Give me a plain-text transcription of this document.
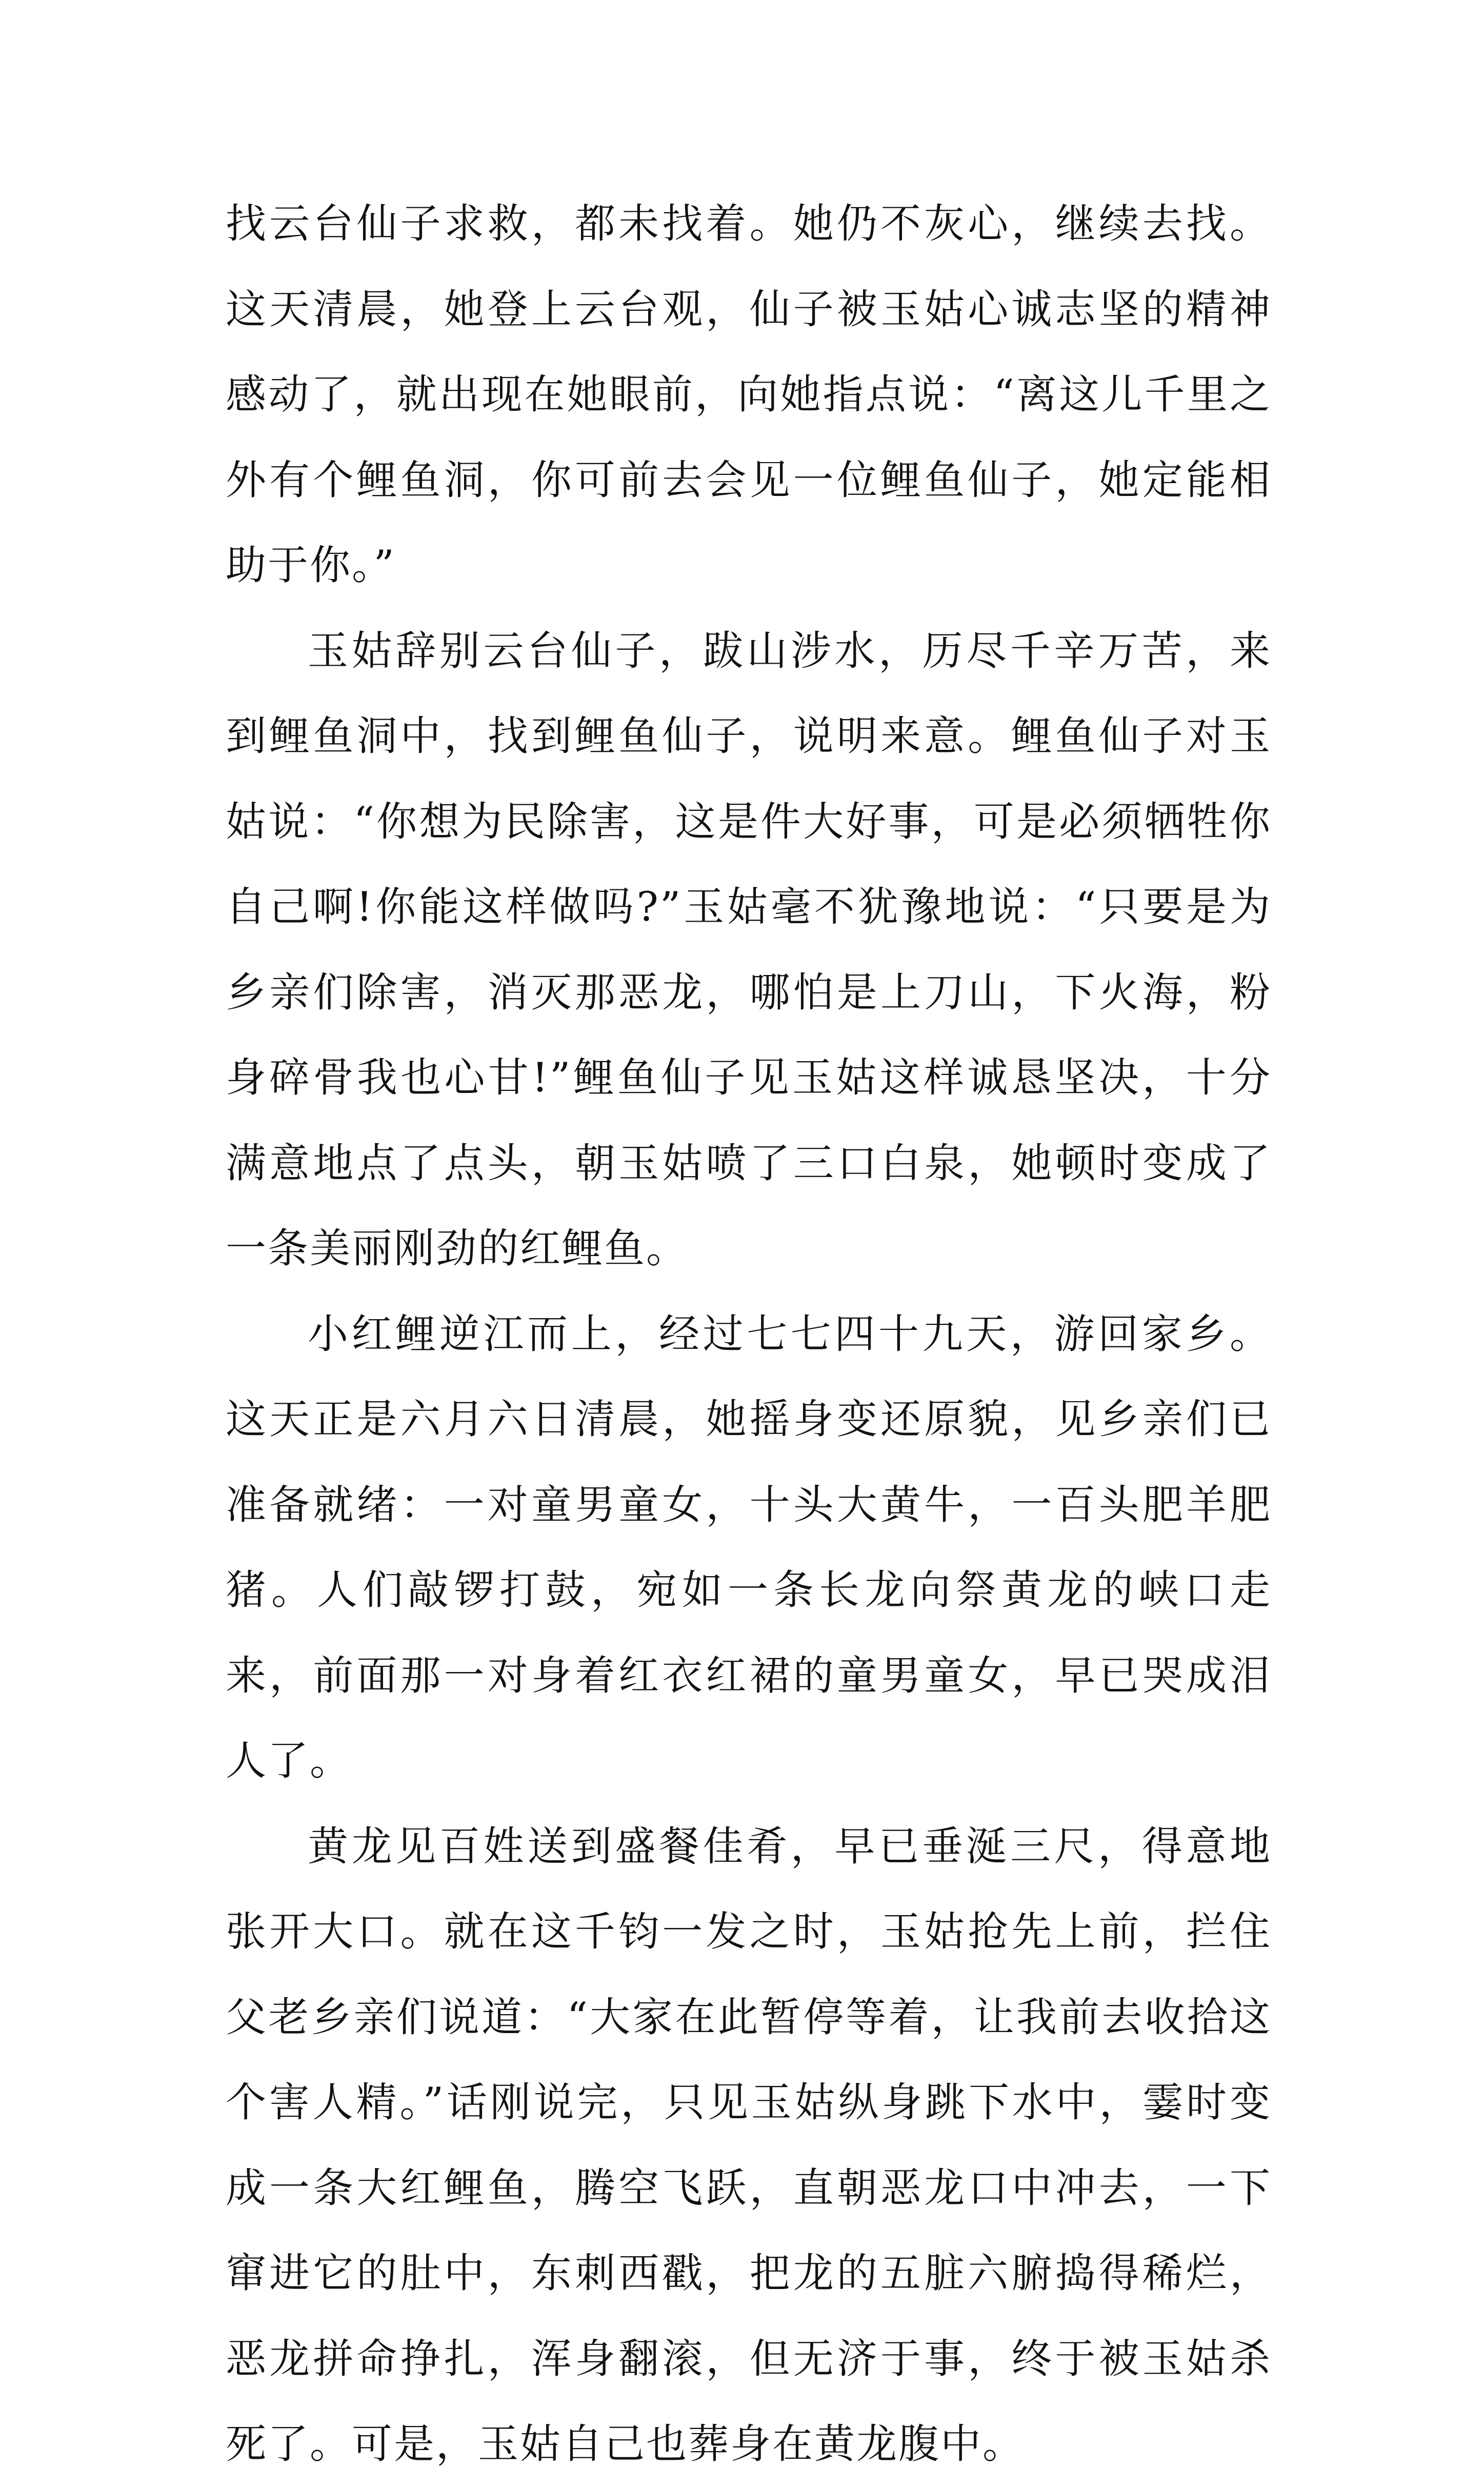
找云台仙子求救，都未找着。她仍不灰心，继续去找。这天清晨，她登上云台观，仙子被玉姑心诚志坚的精神感动了，就出现在她眼前，向她指点说：“离这儿千里之外有个鲤鱼洞，你可前去会见一位鲤鱼仙子，她定能相助于你。”

玉姑辞别云台仙子，跋山涉水，历尽千辛万苦，来到鲤鱼洞中，找到鲤鱼仙子，说明来意。鲤鱼仙子对玉姑说：“你想为民除害，这是件大好事，可是必须牺牲你自己啊!你能这样做吗?”玉姑毫不犹豫地说：“只要是为乡亲们除害，消灭那恶龙，哪怕是上刀山，下火海，粉身碎骨我也心甘!”鲤鱼仙子见玉姑这样诚恳坚决，十分满意地点了点头，朝玉姑喷了三口白泉，她顿时变成了一条美丽刚劲的红鲤鱼。

小红鲤逆江而上，经过七七四十九天，游回家乡。这天正是六月六日清晨，她摇身变还原貌，见乡亲们已准备就绪：一对童男童女，十头大黄牛，一百头肥羊肥猪。人们敲锣打鼓，宛如一条长龙向祭黄龙的峡口走来，前面那一对身着红衣红裙的童男童女，早已哭成泪人了。

黄龙见百姓送到盛餐佳肴，早已垂涎三尺，得意地张开大口。就在这千钧一发之时，玉姑抢先上前，拦住父老乡亲们说道：“大家在此暂停等着，让我前去收拾这个害人精。”话刚说完，只见玉姑纵身跳下水中，霎时变成一条大红鲤鱼，腾空飞跃，直朝恶龙口中冲去，一下窜进它的肚中，东刺西戳，把龙的五脏六腑捣得稀烂，恶龙拼命挣扎，浑身翻滚，但无济于事，终于被玉姑杀死了。可是，玉姑自己也葬身在黄龙腹中。
